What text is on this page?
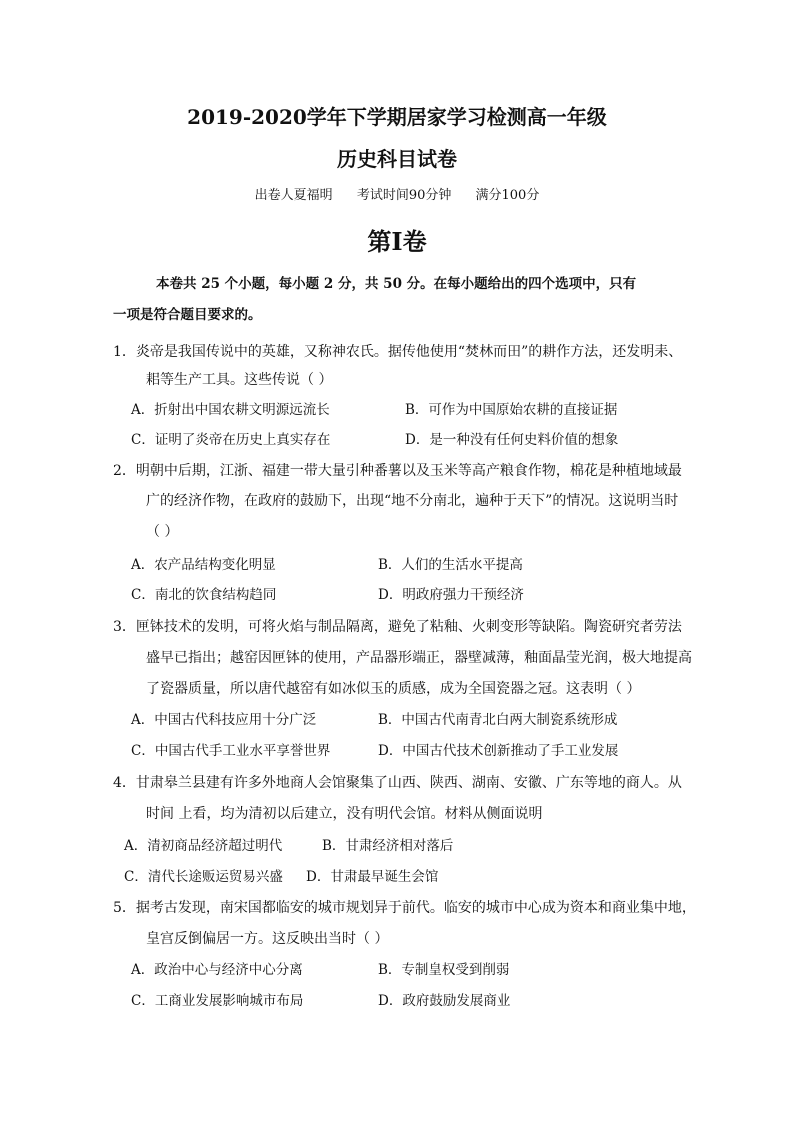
2019-2020学年下学期居家学习检测高一年级
历史科目试卷
出卷人夏福明 考试时间90分钟 满分100分
第Ⅰ卷
本卷共 25 个小题，每小题 2 分，共 50 分。在每小题给出的四个选项中，只有
一项是符合题目要求的。
1．炎帝是我国传说中的英雄，又称神农氏。据传他使用“焚林而田”的耕作方法，还发明耒、
耜等生产工具。这些传说（ ）
A．折射出中国农耕文明源远流长	B．可作为中国原始农耕的直接证据
C．证明了炎帝在历史上真实存在	D．是一种没有任何史料价值的想象
2．明朝中后期，江浙、福建一带大量引种番薯以及玉米等高产粮食作物，棉花是种植地域最
广的经济作物，在政府的鼓励下，出现“地不分南北，遍种于天下”的情况。这说明当时
（ ）
A．农产品结构变化明显	B．人们的生活水平提高
C．南北的饮食结构趋同	D．明政府强力干预经济
3．匣钵技术的发明，可将火焰与制品隔离，避免了粘釉、火刺变形等缺陷。陶瓷研究者劳法
盛早已指出；越窑因匣钵的使用，产品器形端正，器壁减薄，釉面晶莹光润，极大地提高
了瓷器质量，所以唐代越窑有如冰似玉的质感，成为全国瓷器之冠。这表明（ ）
A．中国古代科技应用十分广泛	B．中国古代南青北白两大制瓷系统形成
C．中国古代手工业水平享誉世界	D．中国古代技术创新推动了手工业发展
4．甘肃皋兰县建有许多外地商人会馆聚集了山西、陕西、湖南、安徽、广东等地的商人。从
时间 上看，均为清初以后建立，没有明代会馆。材料从侧面说明
A．清初商品经济超过明代	B．甘肃经济相对落后
C．清代长途贩运贸易兴盛 D．甘肃最早诞生会馆
5．据考古发现，南宋国都临安的城市规划异于前代。临安的城市中心成为资本和商业集中地，
皇宫反倒偏居一方。这反映出当时（ ）
A．政治中心与经济中心分离	B．专制皇权受到削弱
C．工商业发展影响城市布局	D．政府鼓励发展商业
